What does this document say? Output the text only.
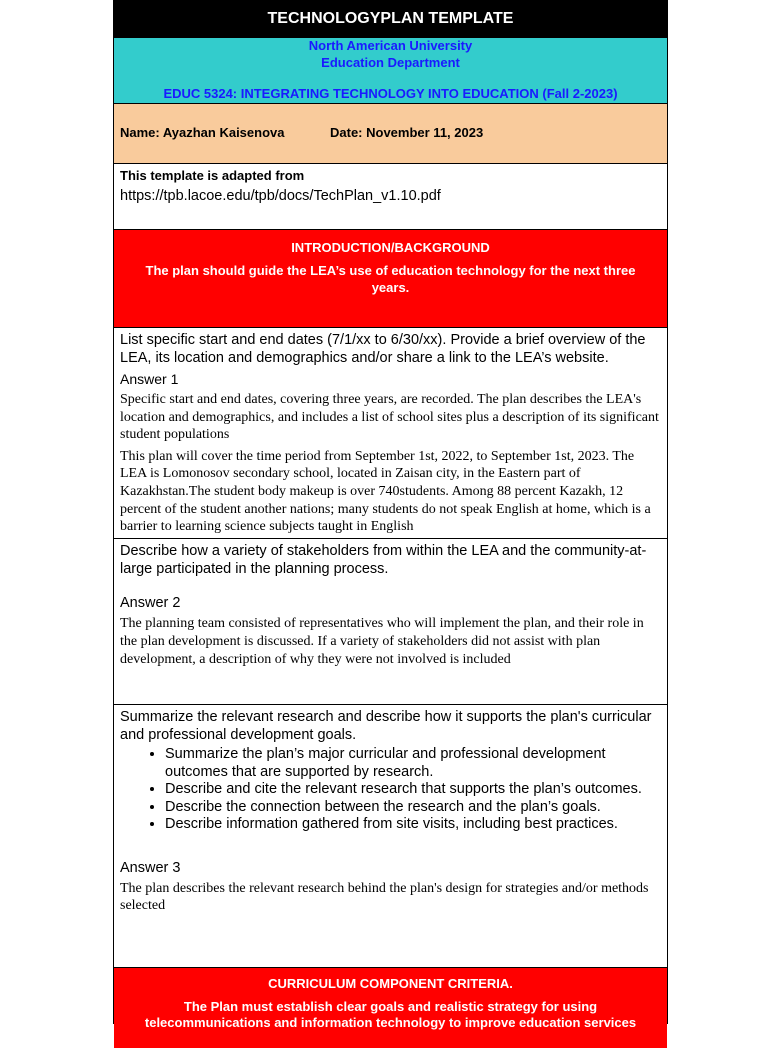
TECHNOLOGYPLAN TEMPLATE
North American University
Education Department
EDUC 5324: INTEGRATING TECHNOLOGY INTO EDUCATION (Fall 2-2023)
Name: Ayazhan Kaisenova	Date: November 11, 2023
This template is adapted from
https://tpb.lacoe.edu/tpb/docs/TechPlan_v1.10.pdf
INTRODUCTION/BACKGROUND
The plan should guide the LEA’s use of education technology for the next three years.
List specific start and end dates (7/1/xx to 6/30/xx). Provide a brief overview of the LEA, its location and demographics and/or share a link to the LEA’s website.
Answer 1
Specific start and end dates, covering three years, are recorded. The plan describes the LEA's location and demographics, and includes a list of school sites plus a description of its significant student populations
This plan will cover the time period from September 1st, 2022, to September 1st, 2023. The LEA is Lomonosov secondary school, located in Zaisan city, in the Eastern part of Kazakhstan.The student body makeup is over 740students. Among 88 percent Kazakh, 12 percent of the student another nations; many students do not speak English at home, which is a barrier to learning science subjects taught in English
Describe how a variety of stakeholders from within the LEA and the community-at-large participated in the planning process.
Answer 2
The planning team consisted of representatives who will implement the plan, and their role in the plan development is discussed. If a variety of stakeholders did not assist with plan development, a description of why they were not involved is included
Summarize the relevant research and describe how it supports the plan's curricular and professional development goals.
• Summarize the plan’s major curricular and professional development outcomes that are supported by research.
• Describe and cite the relevant research that supports the plan’s outcomes.
• Describe the connection between the research and the plan’s goals.
• Describe information gathered from site visits, including best practices.
Answer 3
The plan describes the relevant research behind the plan's design for strategies and/or methods selected
CURRICULUM COMPONENT CRITERIA.
The Plan must establish clear goals and realistic strategy for using telecommunications and information technology to improve education services
